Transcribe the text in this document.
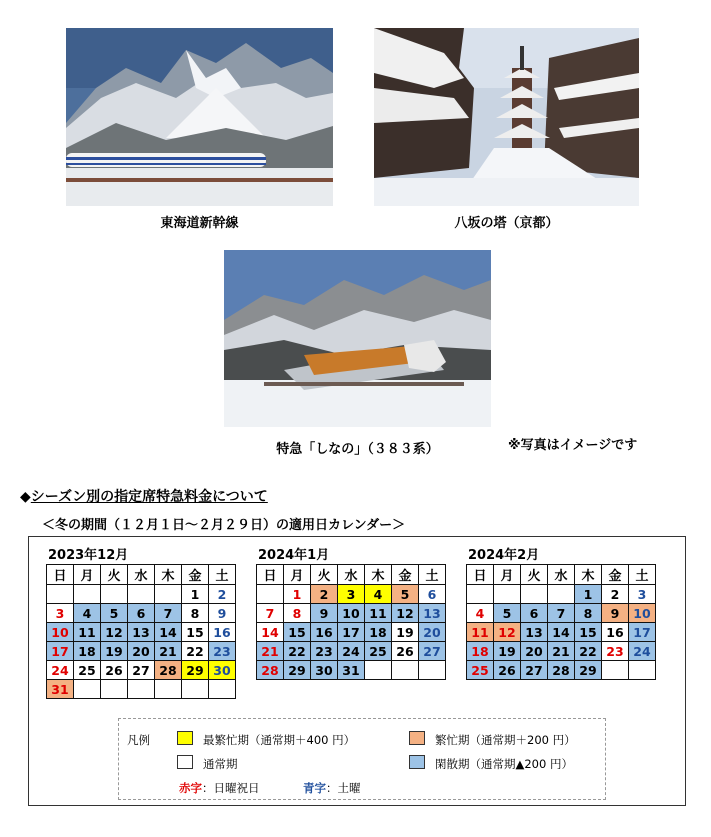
東海道新幹線	八坂の塔（京都）
特急「しなの」（３８３系）	※写真はイメージです
◆シーズン別の指定席特急料金について
＜冬の期間（１２月１日～２月２９日）の適用日カレンダー＞
2023年12月
日	月	火	水	木	金	土
					1	2
3	4	5	6	7	8	9
10	11	12	13	14	15	16
17	18	19	20	21	22	23
24	25	26	27	28	29	30
31						
2024年1月
日	月	火	水	木	金	土
	1	2	3	4	5	6
7	8	9	10	11	12	13
14	15	16	17	18	19	20
21	22	23	24	25	26	27
28	29	30	31			
2024年2月
日	月	火	水	木	金	土
				1	2	3
4	5	6	7	8	9	10
11	12	13	14	15	16	17
18	19	20	21	22	23	24
25	26	27	28	29		
凡例	最繁忙期（通常期＋400 円）	繁忙期（通常期＋200 円）
通常期	閑散期（通常期▲200 円）
赤字：日曜祝日	青字：土曜
